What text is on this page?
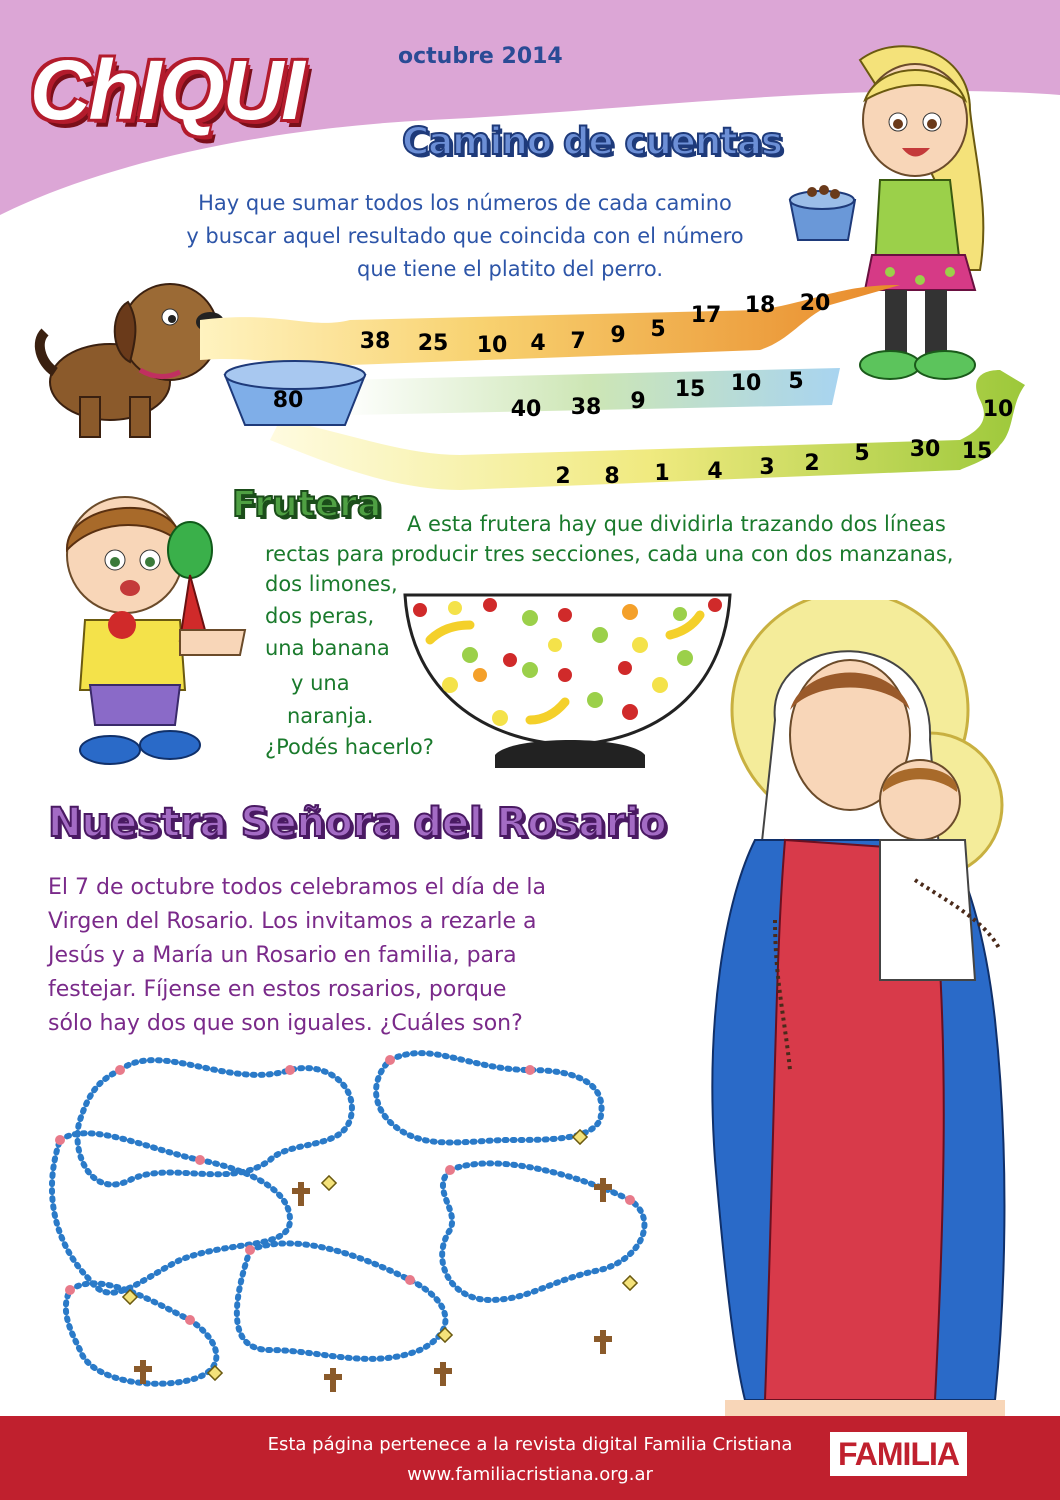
ChIQUI	octubre 2014
Camino de cuentas
Hay que sumar todos los números de cada camino
y buscar aquel resultado que coincida con el número
que tiene el platito del perro.
38 25 10 4 7 9 5
17 18 20
40 38 9 15 10 5
2 8 1 4 3 2 5 30 15
10
80
Frutera A esta frutera hay que dividirla trazando dos líneas
rectas para producir tres secciones, cada una con dos manzanas,
dos limones,
dos peras,
una banana
y una
naranja.
¿Podés hacerlo?
Nuestra Señora del Rosario
El 7 de octubre todos celebramos el día de la
Virgen del Rosario. Los invitamos a rezarle a
Jesús y a María un Rosario en familia, para
festejar. Fíjense en estos rosarios, porque
sólo hay dos que son iguales. ¿Cuáles son?
Esta página pertenece a la revista digital Familia Cristiana
www.familiacristiana.org.ar
FAMILIA
